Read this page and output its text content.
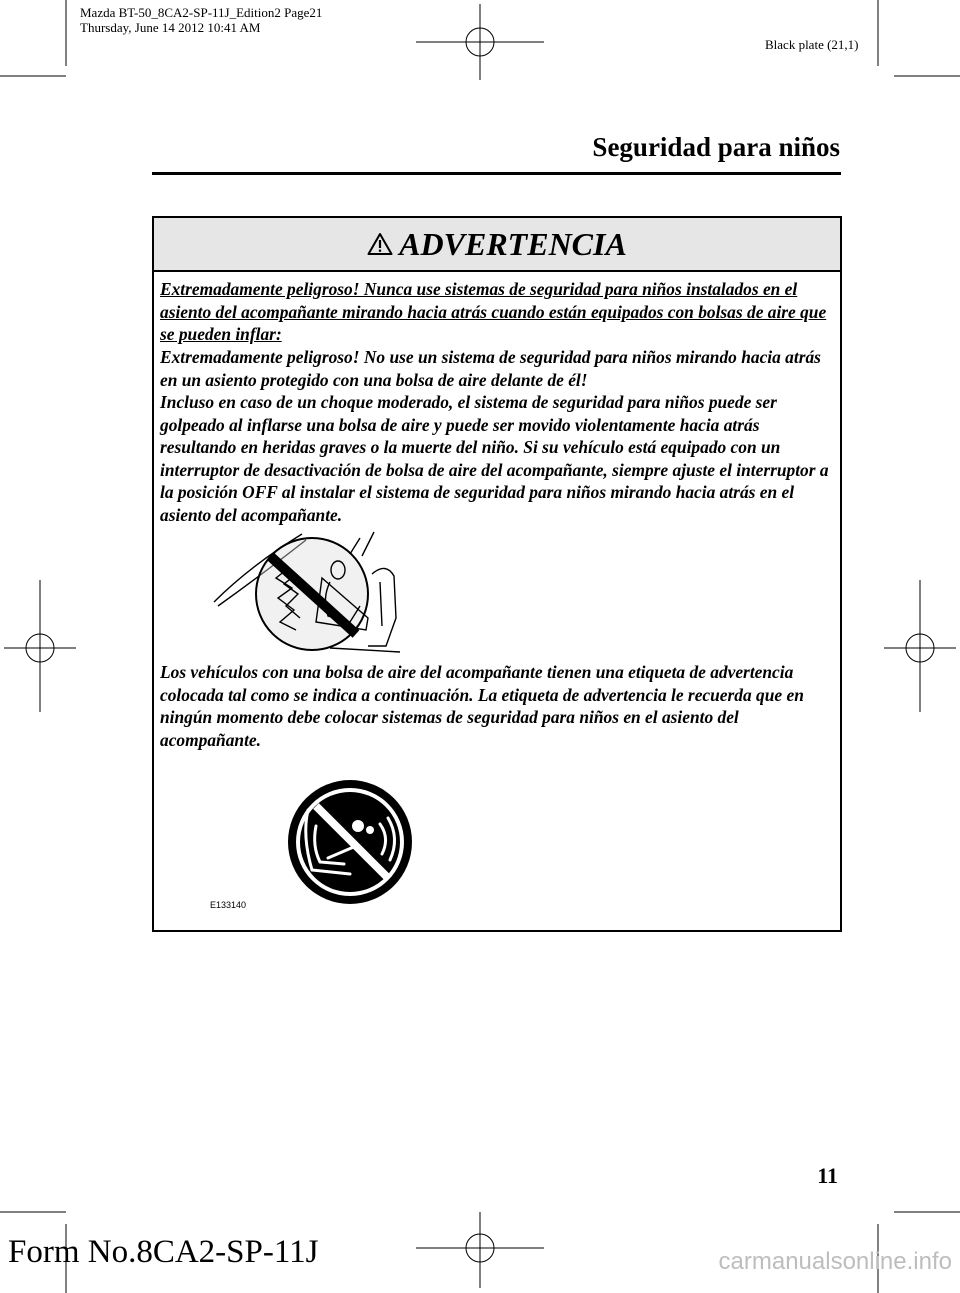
Mazda BT-50_8CA2-SP-11J_Edition2 Page21
Thursday, June 14 2012 10:41 AM
Black plate (21,1)
Seguridad para niños
ADVERTENCIA
Extremadamente peligroso! Nunca use sistemas de seguridad para niños instalados en el asiento del acompañante mirando hacia atrás cuando están equipados con bolsas de aire que se pueden inflar:
Extremadamente peligroso! No use un sistema de seguridad para niños mirando hacia atrás en un asiento protegido con una bolsa de aire delante de él!
Incluso en caso de un choque moderado, el sistema de seguridad para niños puede ser golpeado al inflarse una bolsa de aire y puede ser movido violentamente hacia atrás resultando en heridas graves o la muerte del niño. Si su vehículo está equipado con un interruptor de desactivación de bolsa de aire del acompañante, siempre ajuste el interruptor a la posición OFF al instalar el sistema de seguridad para niños mirando hacia atrás en el asiento del acompañante.
Los vehículos con una bolsa de aire del acompañante tienen una etiqueta de advertencia colocada tal como se indica a continuación. La etiqueta de advertencia le recuerda que en ningún momento debe colocar sistemas de seguridad para niños en el asiento del acompañante.
E133140
11
Form No.8CA2-SP-11J	carmanualsonline.info
